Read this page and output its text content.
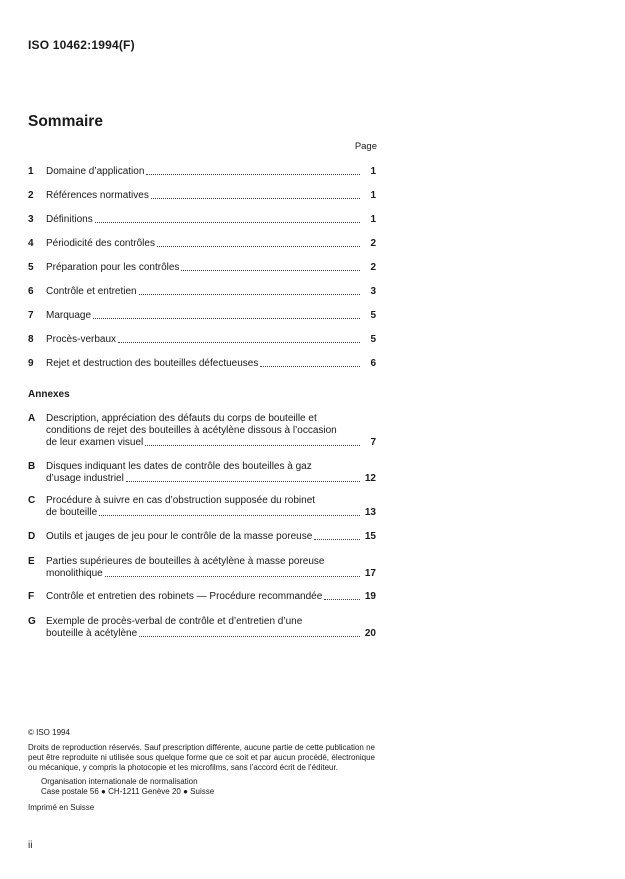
ISO 10462:1994(F)
Sommaire
Page
1 Domaine d’application	1
2 Références normatives	1
3 Définitions	1
4 Périodicité des contrôles	2
5 Préparation pour les contrôles	2
6 Contrôle et entretien	3
7 Marquage	5
8 Procès-verbaux	5
9 Rejet et destruction des bouteilles défectueuses	6
Annexes
A Description, appréciation des défauts du corps de bouteille et
conditions de rejet des bouteilles à acétylène dissous à l’occasion
de leur examen visuel	7
B Disques indiquant les dates de contrôle des bouteilles à gaz
d’usage industriel	12
C Procédure à suivre en cas d’obstruction supposée du robinet
de bouteille	13
D Outils et jauges de jeu pour le contrôle de la masse poreuse	15
E Parties supérieures de bouteilles à acétylène à masse poreuse
monolithique	17
F Contrôle et entretien des robinets — Procédure recommandée	19
G Exemple de procès-verbal de contrôle et d’entretien d’une
bouteille à acétylène	20
© ISO 1994
Droits de reproduction réservés. Sauf prescription différente, aucune partie de cette publication ne peut être reproduite ni utilisée sous quelque forme que ce soit et par aucun procédé, électronique ou mécanique, y compris la photocopie et les microfilms, sans l’accord écrit de l’éditeur.
Organisation internationale de normalisation
Case postale 56 ● CH-1211 Genève 20 ● Suisse
Imprimé en Suisse
ii
